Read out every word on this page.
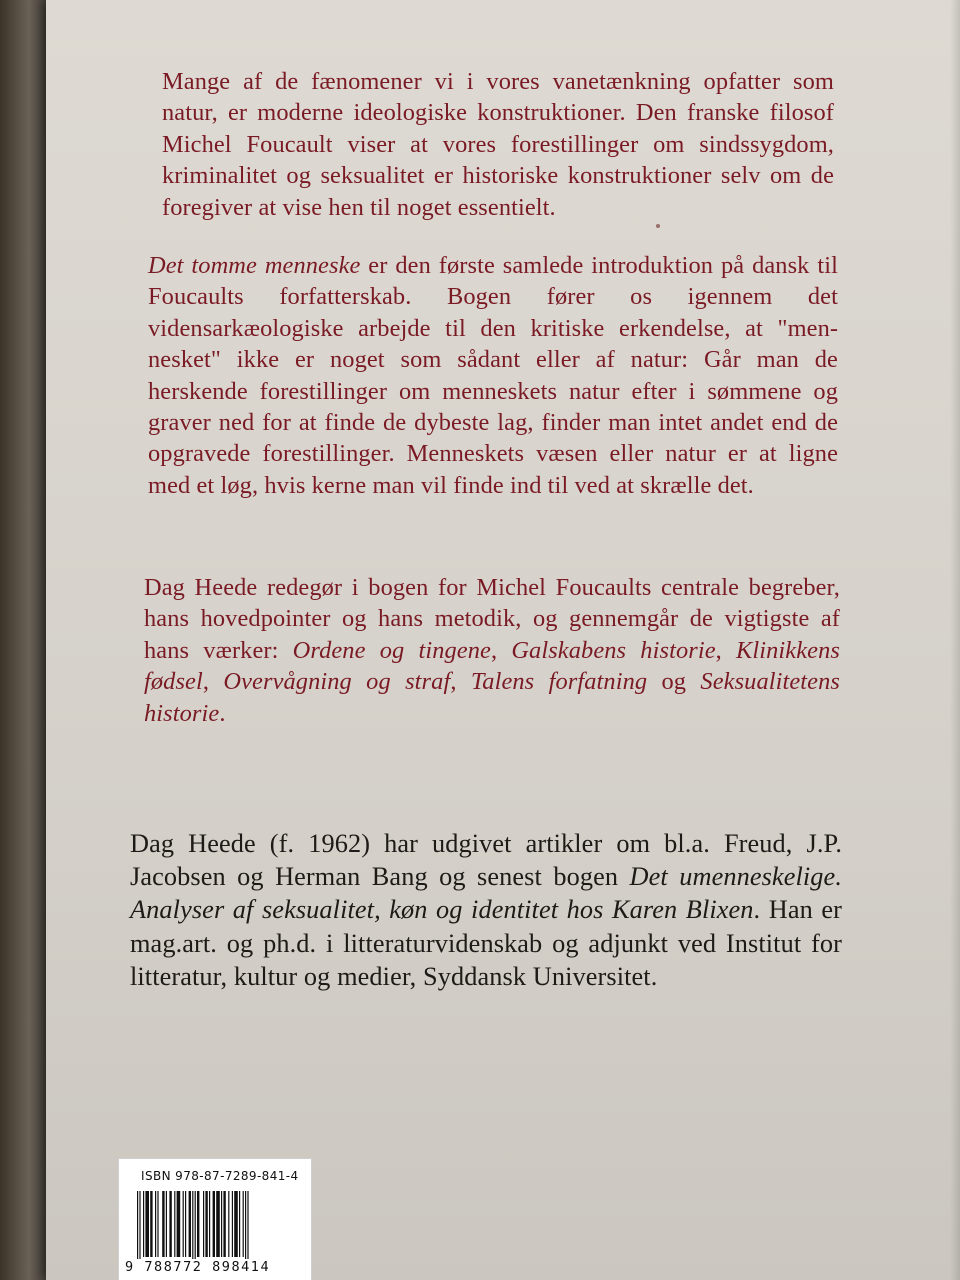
Mange af de fænomener vi i vores vanetænkning opfatter som natur, er moderne ideologiske konstruktioner. Den franske filosof Michel Foucault viser at vores forestillinger om sindssygdom, kriminalitet og seksualitet er historiske konstruktioner selv om de foregiver at vise hen til noget essentielt.

Det tomme menneske er den første samlede introduktion på dansk til Foucaults forfatterskab. Bogen fører os igennem det vidensarkæologiske arbejde til den kritiske erkendelse, at "mennesket" ikke er noget som sådant eller af natur: Går man de herskende forestillinger om menneskets natur efter i sømmene og graver ned for at finde de dybeste lag, finder man intet andet end de opgravede forestillinger. Menneskets væsen eller natur er at ligne med et løg, hvis kerne man vil finde ind til ved at skrælle det.

Dag Heede redegør i bogen for Michel Foucaults centrale begreber, hans hovedpointer og hans metodik, og gennemgår de vigtigste af hans værker: Ordene og tingene, Galskabens historie, Klinikkens fødsel, Overvågning og straf, Talens forfatning og Seksualitetens historie.

Dag Heede (f. 1962) har udgivet artikler om bl.a. Freud, J.P. Jacobsen og Herman Bang og senest bogen Det umenneskelige. Analyser af seksualitet, køn og identitet hos Karen Blixen. Han er mag.art. og ph.d. i litteraturvidenskab og adjunkt ved Institut for litteratur, kultur og medier, Syddansk Universitet.

ISBN 978-87-7289-841-4
9 788772 898414
